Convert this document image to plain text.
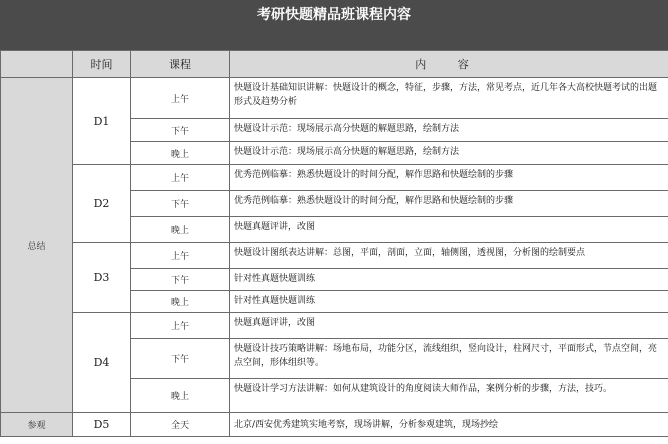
考研快题精品班课程内容
	时间	课程	内 容
总结	D1	上午	快题设计基础知识讲解：快题设计的概念，特征，步骤，方法，常见考点，近几年各大高校快题考试的出题形式及趋势分析
		下午	快题设计示范：现场展示高分快题的解题思路，绘制方法
		晚上	快题设计示范：现场展示高分快题的解题思路，绘制方法
	D2	上午	优秀范例临摹：熟悉快题设计的时间分配，解作思路和快题绘制的步骤
		下午	优秀范例临摹：熟悉快题设计的时间分配，解作思路和快题绘制的步骤
		晚上	快题真题评讲，改图
	D3	上午	快题设计图纸表达讲解：总图，平面，剖面，立面，轴侧图，透视图，分析图的绘制要点
		下午	针对性真题快题训练
		晚上	针对性真题快题训练
	D4	上午	快题真题评讲，改图
		下午	快题设计技巧策略讲解：场地布局，功能分区，流线组织，竖向设计，柱网尺寸，平面形式，节点空间，亮点空间，形体组织等。
		晚上	快题设计学习方法讲解：如何从建筑设计的角度阅读大师作品，案例分析的步骤，方法，技巧。
参观	D5	全天	北京/西安优秀建筑实地考察，现场讲解，分析参观建筑，现场抄绘
